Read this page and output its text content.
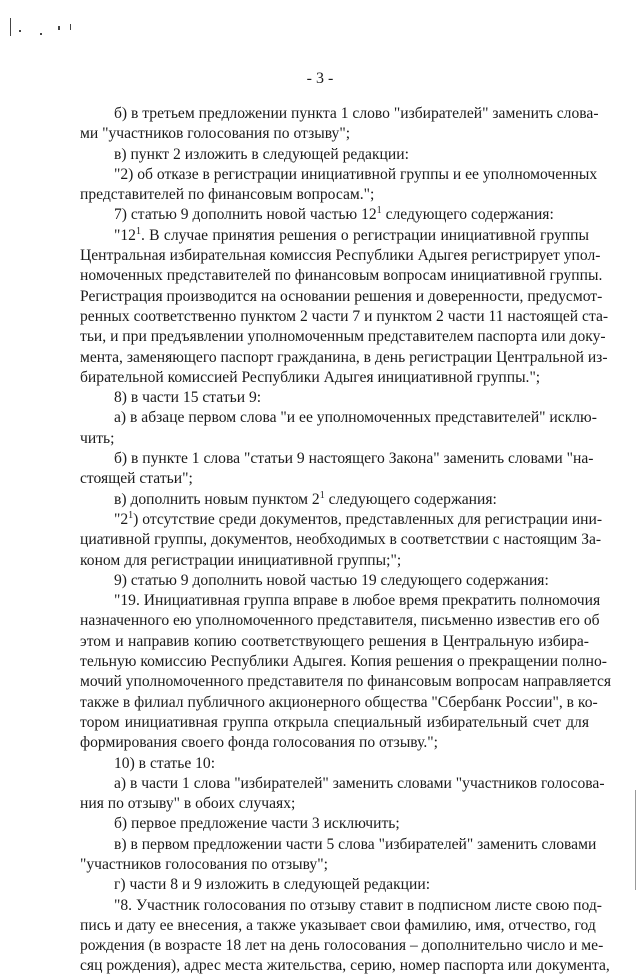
- 3 -
б) в третьем предложении пункта 1 слово "избирателей" заменить слова-
ми "участников голосования по отзыву";
в) пункт 2 изложить в следующей редакции:
"2) об отказе в регистрации инициативной группы и ее уполномоченных
представителей по финансовым вопросам.";
7) статью 9 дополнить новой частью $12^1$ следующего содержания:
"$12^1$. В случае принятия решения о регистрации инициативной группы
Центральная избирательная комиссия Республики Адыгея регистрирует упол-
номоченных представителей по финансовым вопросам инициативной группы.
Регистрация производится на основании решения и доверенности, предусмот-
ренных соответственно пунктом 2 части 7 и пунктом 2 части 11 настоящей ста-
тьи, и при предъявлении уполномоченным представителем паспорта или доку-
мента, заменяющего паспорт гражданина, в день регистрации Центральной из-
бирательной комиссией Республики Адыгея инициативной группы.";
8) в части 15 статьи 9:
а) в абзаце первом слова "и ее уполномоченных представителей" исклю-
чить;
б) в пункте 1 слова "статьи 9 настоящего Закона" заменить словами "на-
стоящей статьи";
в) дополнить новым пунктом $2^1$ следующего содержания:
"$2^1$) отсутствие среди документов, представленных для регистрации ини-
циативной группы, документов, необходимых в соответствии с настоящим За-
коном для регистрации инициативной группы;";
9) статью 9 дополнить новой частью 19 следующего содержания:
"19. Инициативная группа вправе в любое время прекратить полномочия
назначенного ею уполномоченного представителя, письменно известив его об
этом и направив копию соответствующего решения в Центральную избира-
тельную комиссию Республики Адыгея. Копия решения о прекращении полно-
мочий уполномоченного представителя по финансовым вопросам направляется
также в филиал публичного акционерного общества "Сбербанк России", в ко-
тором инициативная группа открыла специальный избирательный счет для
формирования своего фонда голосования по отзыву.";
10) в статье 10:
а) в части 1 слова "избирателей" заменить словами "участников голосова-
ния по отзыву" в обоих случаях;
б) первое предложение части 3 исключить;
в) в первом предложении части 5 слова "избирателей" заменить словами
"участников голосования по отзыву";
г) части 8 и 9 изложить в следующей редакции:
"8. Участник голосования по отзыву ставит в подписном листе свою под-
пись и дату ее внесения, а также указывает свои фамилию, имя, отчество, год
рождения (в возрасте 18 лет на день голосования – дополнительно число и ме-
сяц рождения), адрес места жительства, серию, номер паспорта или документа,
